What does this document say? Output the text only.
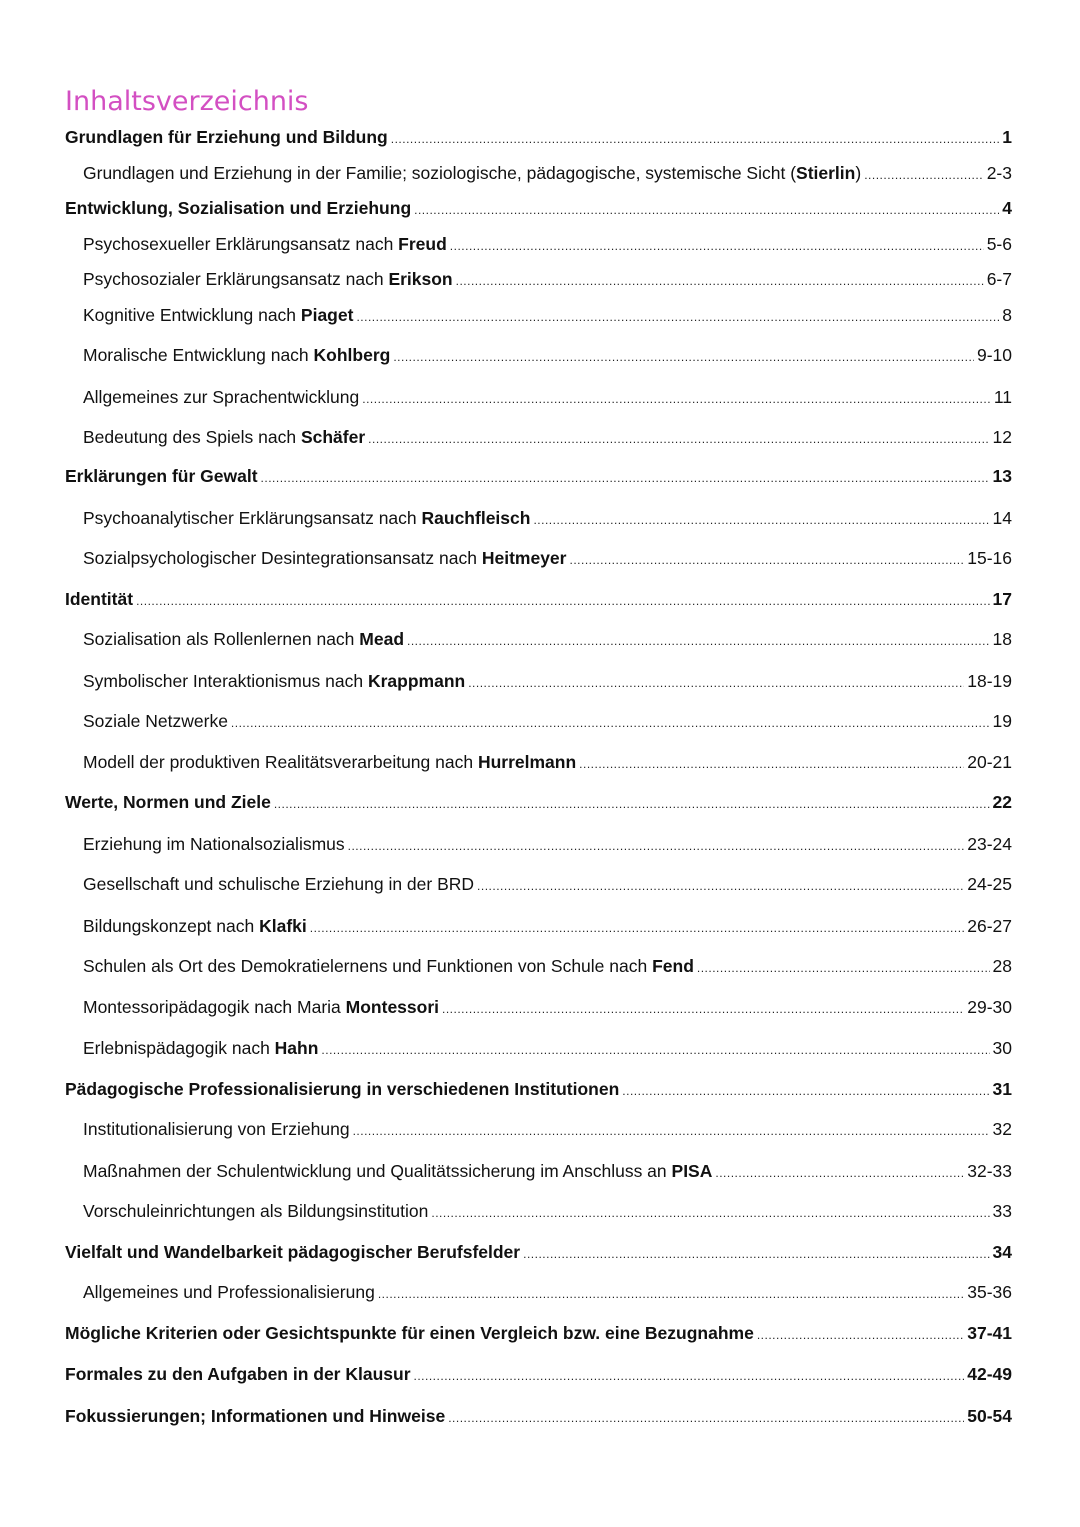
Inhaltsverzeichnis
Grundlagen für Erziehung und Bildung .....	1
Grundlagen und Erziehung in der Familie; soziologische, pädagogische, systemische Sicht (Stierlin) .....	2-3
Entwicklung, Sozialisation und Erziehung .....	4
Psychosexueller Erklärungsansatz nach Freud .....	5-6
Psychosozialer Erklärungsansatz nach Erikson .....	6-7
Kognitive Entwicklung nach Piaget .....	8
Moralische Entwicklung nach Kohlberg .....	9-10
Allgemeines zur Sprachentwicklung .....	11
Bedeutung des Spiels nach Schäfer .....	12
Erklärungen für Gewalt .....	13
Psychoanalytischer Erklärungsansatz nach Rauchfleisch .....	14
Sozialpsychologischer Desintegrationsansatz nach Heitmeyer .....	15-16
Identität .....	17
Sozialisation als Rollenlernen nach Mead .....	18
Symbolischer Interaktionismus nach Krappmann .....	18-19
Soziale Netzwerke .....	19
Modell der produktiven Realitätsverarbeitung nach Hurrelmann .....	20-21
Werte, Normen und Ziele .....	22
Erziehung im Nationalsozialismus .....	23-24
Gesellschaft und schulische Erziehung in der BRD .....	24-25
Bildungskonzept nach Klafki .....	26-27
Schulen als Ort des Demokratielernens und Funktionen von Schule nach Fend .....	28
Montessoripädagogik nach Maria Montessori .....	29-30
Erlebnispädagogik nach Hahn .....	30
Pädagogische Professionalisierung in verschiedenen Institutionen .....	31
Institutionalisierung von Erziehung .....	32
Maßnahmen der Schulentwicklung und Qualitätssicherung im Anschluss an PISA .....	32-33
Vorschuleinrichtungen als Bildungsinstitution .....	33
Vielfalt und Wandelbarkeit pädagogischer Berufsfelder .....	34
Allgemeines und Professionalisierung .....	35-36
Mögliche Kriterien oder Gesichtspunkte für einen Vergleich bzw. eine Bezugnahme .....	37-41
Formales zu den Aufgaben in der Klausur .....	42-49
Fokussierungen; Informationen und Hinweise .....	50-54
